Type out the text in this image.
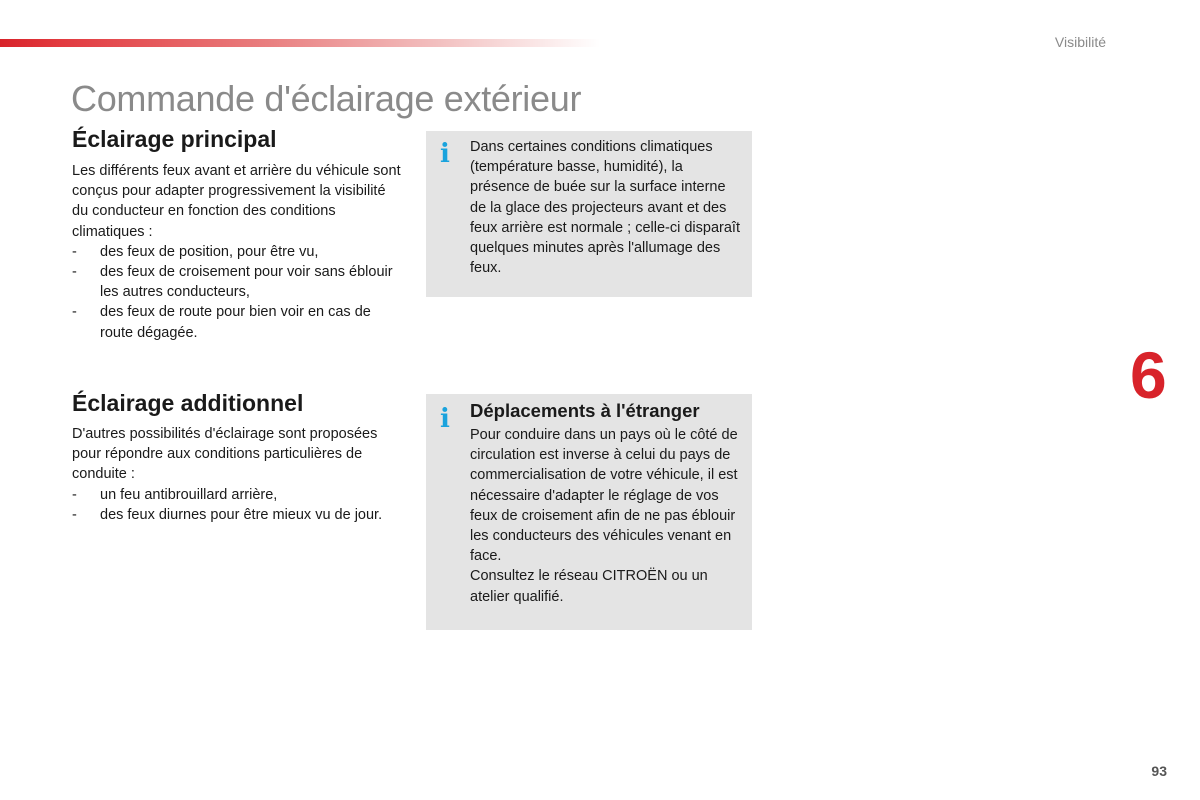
Visibilité
Commande d'éclairage extérieur
Éclairage principal

Les différents feux avant et arrière du véhicule sont conçus pour adapter progressivement la visibilité du conducteur en fonction des conditions climatiques :

- des feux de position, pour être vu,
- des feux de croisement pour voir sans éblouir les autres conducteurs,
- des feux de route pour bien voir en cas de route dégagée.
Éclairage additionnel

D'autres possibilités d'éclairage sont proposées pour répondre aux conditions particulières de conduite :

- un feu antibrouillard arrière,
- des feux diurnes pour être mieux vu de jour.
i Dans certaines conditions climatiques (température basse, humidité), la présence de buée sur la surface interne de la glace des projecteurs avant et des feux arrière est normale ; celle-ci disparaît quelques minutes après l'allumage des feux.
i Déplacements à l'étranger
Pour conduire dans un pays où le côté de circulation est inverse à celui du pays de commercialisation de votre véhicule, il est nécessaire d'adapter le réglage de vos feux de croisement afin de ne pas éblouir les conducteurs des véhicules venant en face.
Consultez le réseau CITROËN ou un atelier qualifié.
6
93
